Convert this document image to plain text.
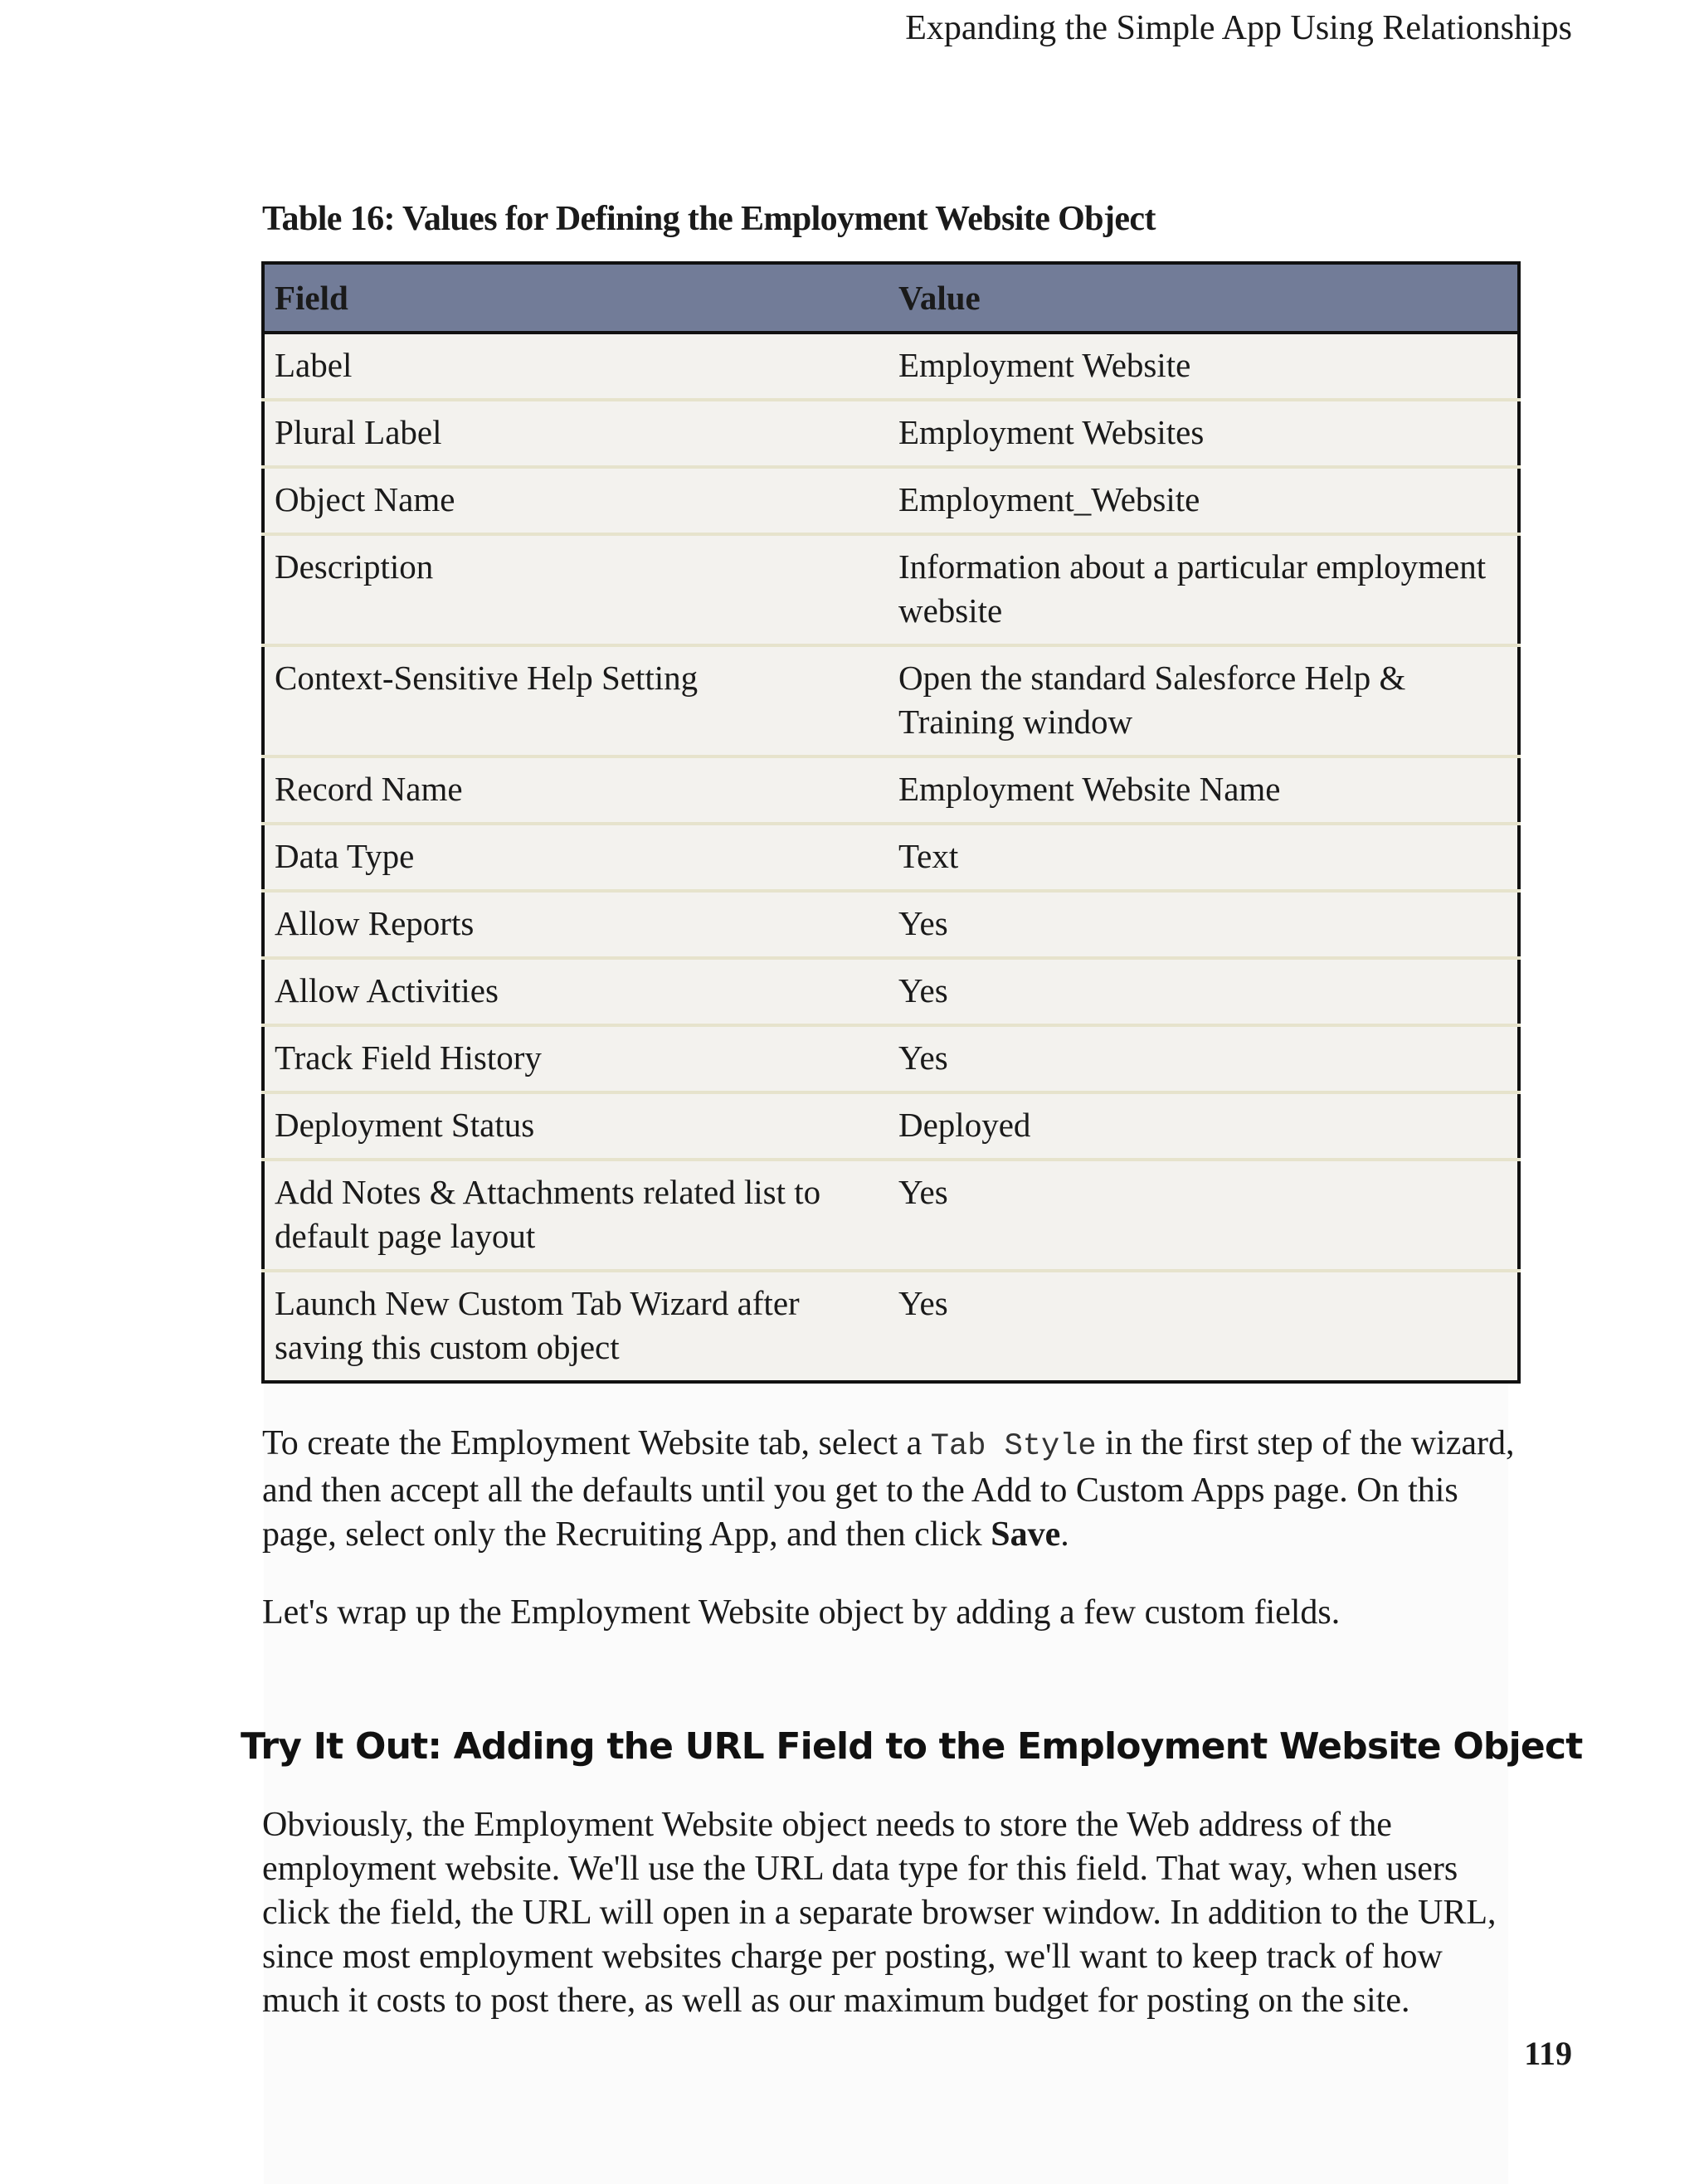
Expanding the Simple App Using Relationships
Table 16: Values for Defining the Employment Website Object
Field	Value
Label	Employment Website
Plural Label	Employment Websites
Object Name	Employment_Website
Description	Information about a particular employment website
Context-Sensitive Help Setting	Open the standard Salesforce Help & Training window
Record Name	Employment Website Name
Data Type	Text
Allow Reports	Yes
Allow Activities	Yes
Track Field History	Yes
Deployment Status	Deployed
Add Notes & Attachments related list to default page layout	Yes
Launch New Custom Tab Wizard after saving this custom object	Yes

To create the Employment Website tab, select a Tab Style in the first step of the wizard, and then accept all the defaults until you get to the Add to Custom Apps page. On this page, select only the Recruiting App, and then click Save.

Let's wrap up the Employment Website object by adding a few custom fields.

Try It Out: Adding the URL Field to the Employment Website Object

Obviously, the Employment Website object needs to store the Web address of the employment website. We'll use the URL data type for this field. That way, when users click the field, the URL will open in a separate browser window. In addition to the URL, since most employment websites charge per posting, we'll want to keep track of how much it costs to post there, as well as our maximum budget for posting on the site.

119
